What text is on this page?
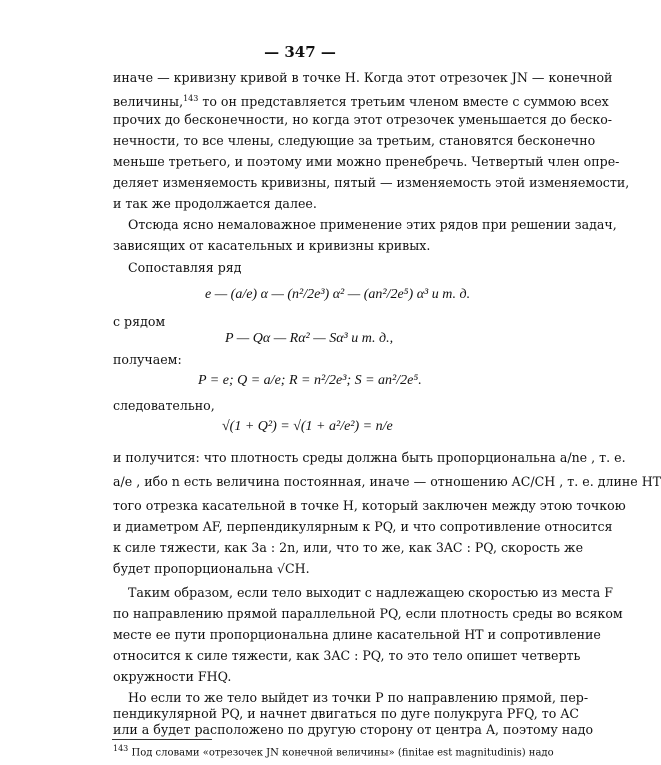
— 347 —
иначе — кривизну кривой в точке H. Когда этот отрезочек JN — конечной
величины,$^{143}$ то он представляется третьим членом вместе с суммою всех
прочих до бесконечности, но когда этот отрезочек уменьшается до беско-
нечности, то все члены, следующие за третьим, становятся бесконечно
меньше третьего, и поэтому ими можно пренебречь. Четвертый член опре-
деляет изменяемость кривизны, пятый — изменяемость этой изменяемости,
и так же продолжается далее.
Отсюда ясно немаловажное применение этих рядов при решении задач,
зависящих от касательных и кривизны кривых.
Сопоставляя ряд
e — (a/e) α — (n²/2e³) α² — (an²/2e⁵) α³ и т. д.
с рядом
P — Qα — Rα² — Sα³ и т. д.,
получаем:
P = e; Q = a/e; R = n²/2e³; S = an²/2e⁵.
следовательно,
√(1 + Q²) = √(1 + a²/e²) = n/e
и получится: что плотность среды должна быть пропорциональна a/ne , т. е.
a/e , ибо n есть величина постоянная, иначе — отношению AC/CH , т. е. длине HT
того отрезка касательной в точке H, который заключен между этою точкою
и диаметром AF, перпендикулярным к PQ, и что сопротивление относится
к силе тяжести, как 3a : 2n, или, что то же, как 3AC : PQ, скорость же
будет пропорциональна √CH.
Таким образом, если тело выходит с надлежащею скоростью из места F
по направлению прямой параллельной PQ, если плотность среды во всяком
месте ее пути пропорциональна длине касательной HT и сопротивление
относится к силе тяжести, как 3AC : PQ, то это тело опишет четверть
окружности FHQ.
Но если то же тело выйдет из точки P по направлению прямой, пер-
пендикулярной PQ, и начнет двигаться по дуге полукруга PFQ, то AC
или a будет расположено по другую сторону от центра A, поэтому надо
$^{143}$ Под словами «отрезочек JN конечной величины» (finitae est magnitudinis) надо
